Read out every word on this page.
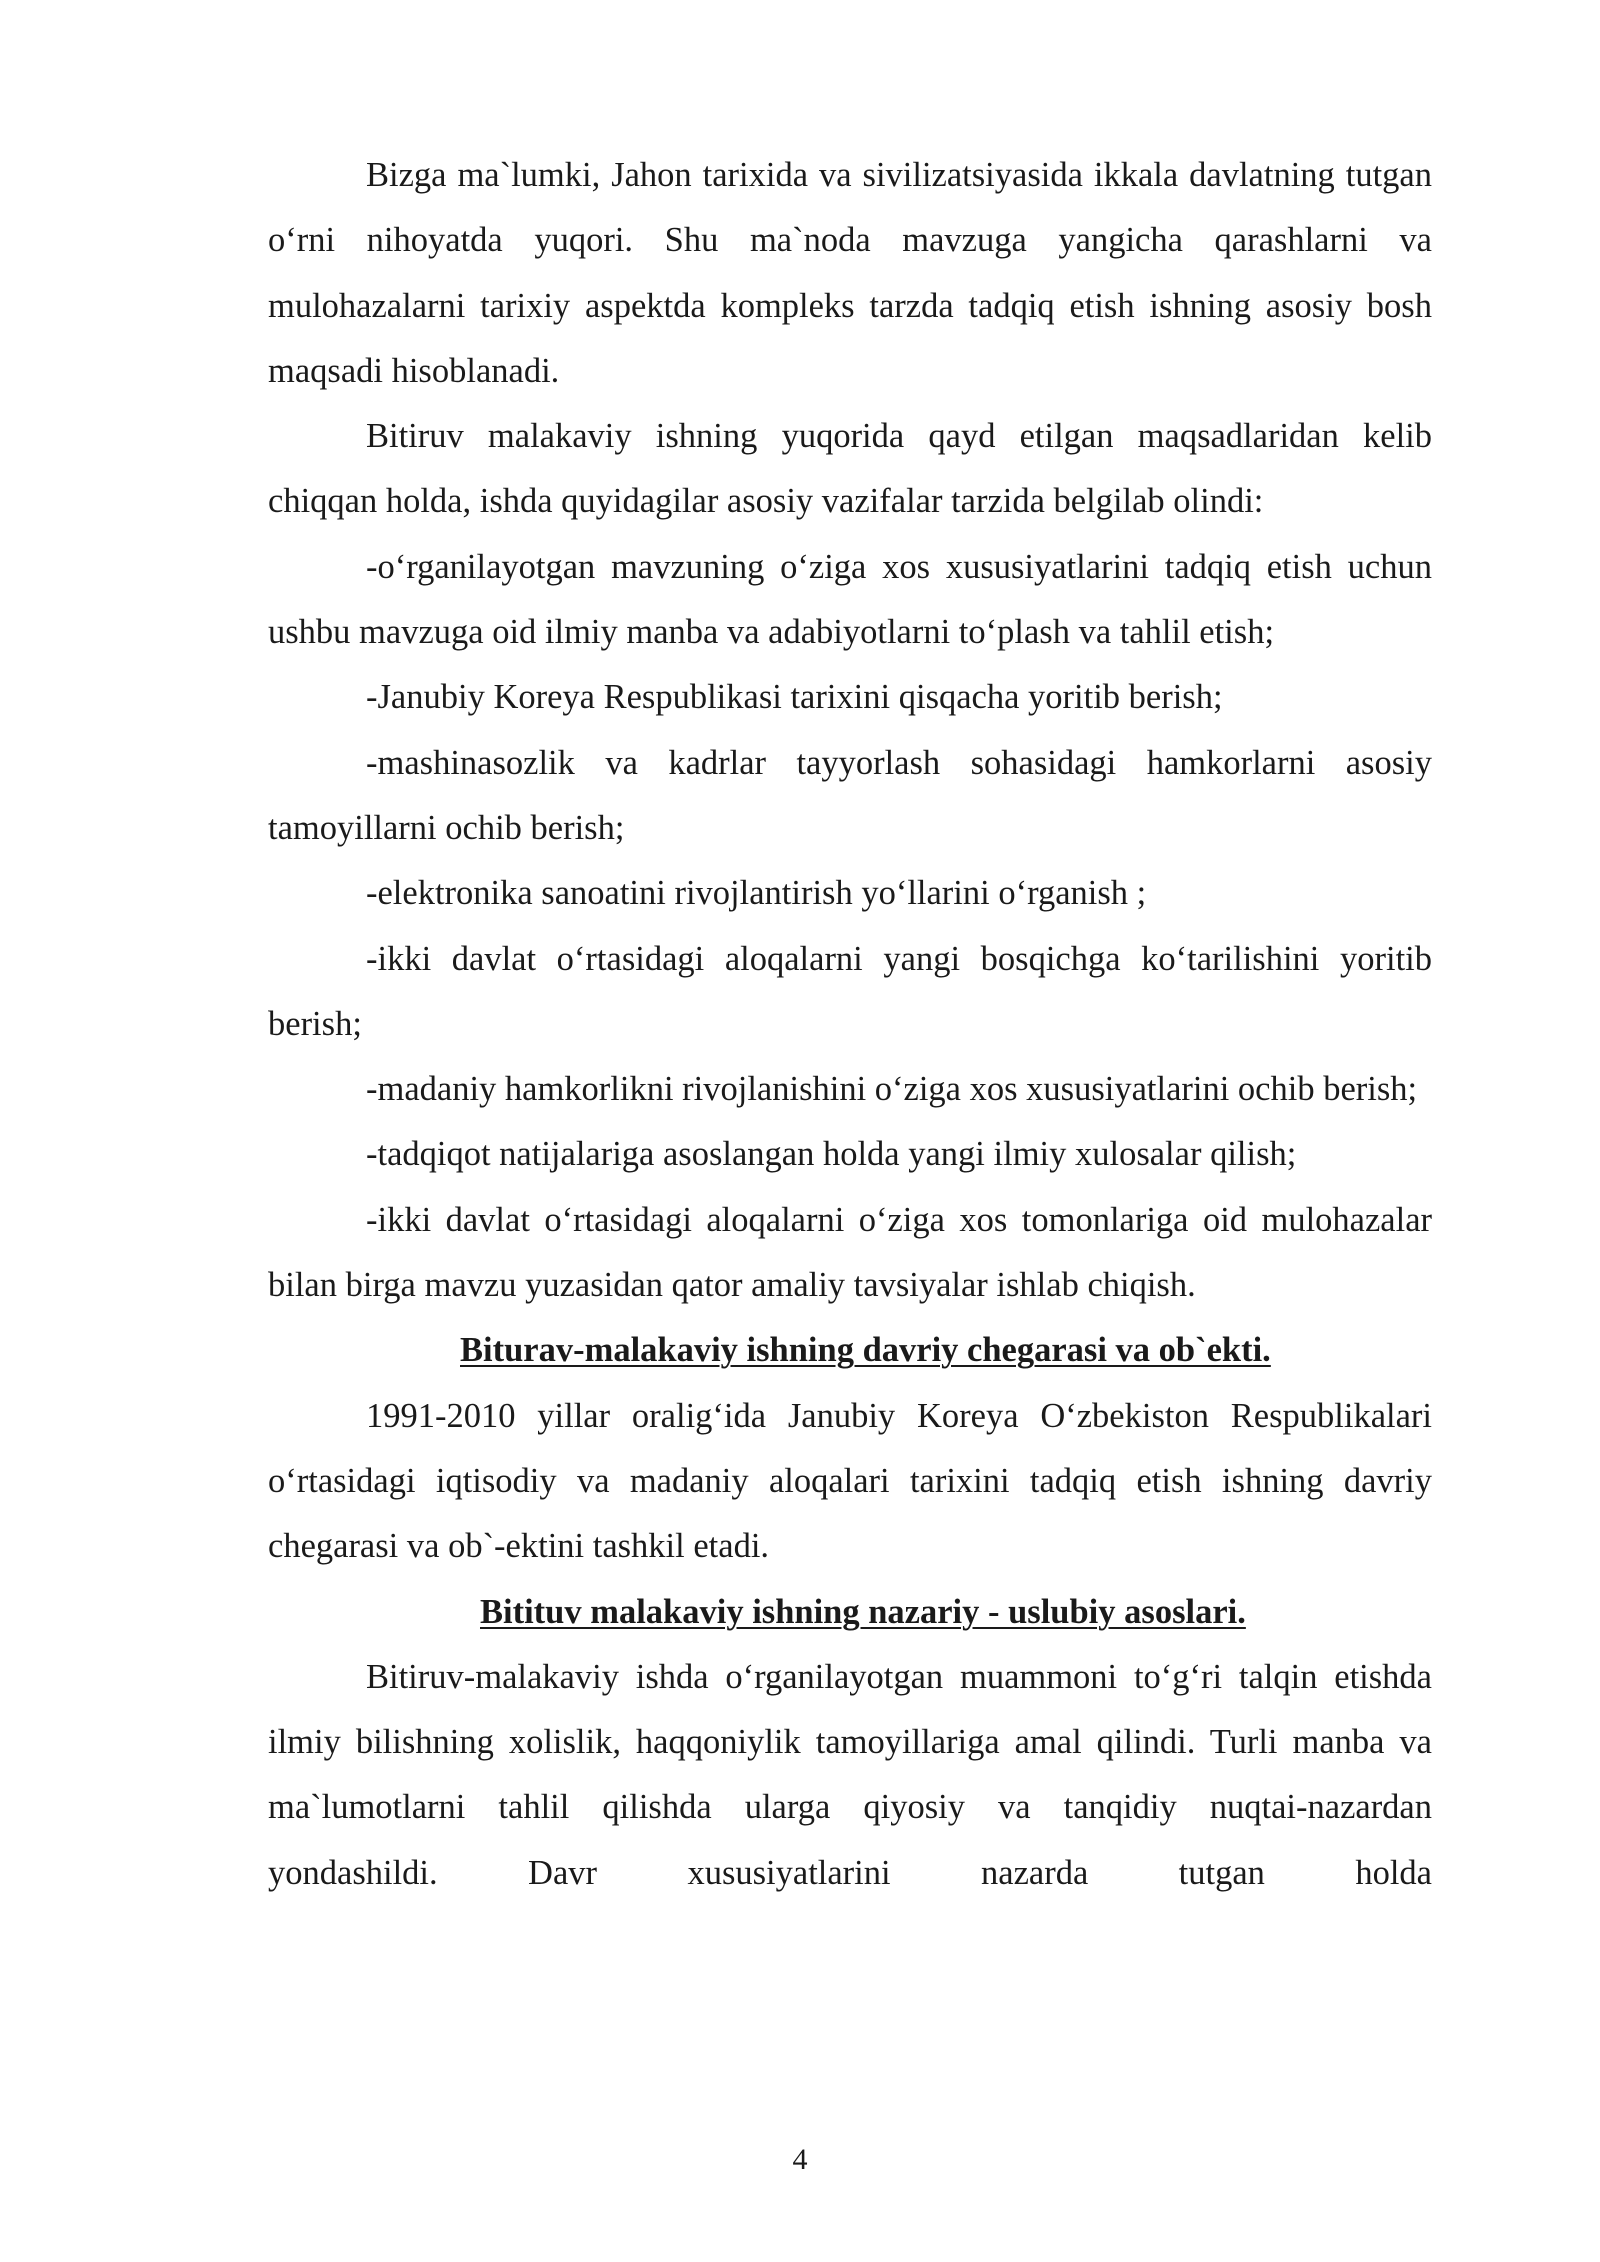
Bizga ma`lumki, Jahon tarixida va sivilizatsiyasida ikkala davlatning tutgan o‘rni nihoyatda yuqori. Shu ma`noda mavzuga yangicha qarashlarni va mulohazalarni tarixiy aspektda kompleks tarzda tadqiq etish ishning asosiy bosh maqsadi hisoblanadi.

Bitiruv malakaviy ishning yuqorida qayd etilgan maqsadlaridan kelib chiqqan holda, ishda quyidagilar asosiy vazifalar tarzida belgilab olindi:

-o‘rganilayotgan mavzuning o‘ziga xos xususiyatlarini tadqiq etish uchun ushbu mavzuga oid ilmiy manba va adabiyotlarni to‘plash va tahlil etish;

-Janubiy Koreya Respublikasi tarixini qisqacha yoritib berish;

-mashinasozlik va kadrlar tayyorlash sohasidagi hamkorlarni asosiy tamoyillarni ochib berish;

-elektronika sanoatini rivojlantirish yo‘llarini o‘rganish ;

-ikki davlat o‘rtasidagi aloqalarni yangi bosqichga ko‘tarilishini yoritib berish;

-madaniy hamkorlikni rivojlanishini o‘ziga xos xususiyatlarini ochib berish;

-tadqiqot natijalariga asoslangan holda yangi ilmiy xulosalar qilish;

-ikki davlat o‘rtasidagi aloqalarni o‘ziga xos tomonlariga oid mulohazalar bilan birga mavzu yuzasidan qator amaliy tavsiyalar ishlab chiqish.

Biturav-malakaviy ishning davriy chegarasi va ob`ekti.

1991-2010 yillar oralig‘ida Janubiy Koreya O‘zbekiston Respublikalari o‘rtasidagi iqtisodiy va madaniy aloqalari tarixini tadqiq etish ishning davriy chegarasi va ob`-ektini tashkil etadi.

Bitituv malakaviy ishning nazariy - uslubiy asoslari.

Bitiruv-malakaviy ishda o‘rganilayotgan muammoni to‘g‘ri talqin etishda ilmiy bilishning xolislik, haqqoniylik tamoyillariga amal qilindi. Turli manba va ma`lumotlarni tahlil qilishda ularga qiyosiy va tanqidiy nuqtai-nazardan yondashildi. Davr xususiyatlarini nazarda tutgan holda

4
